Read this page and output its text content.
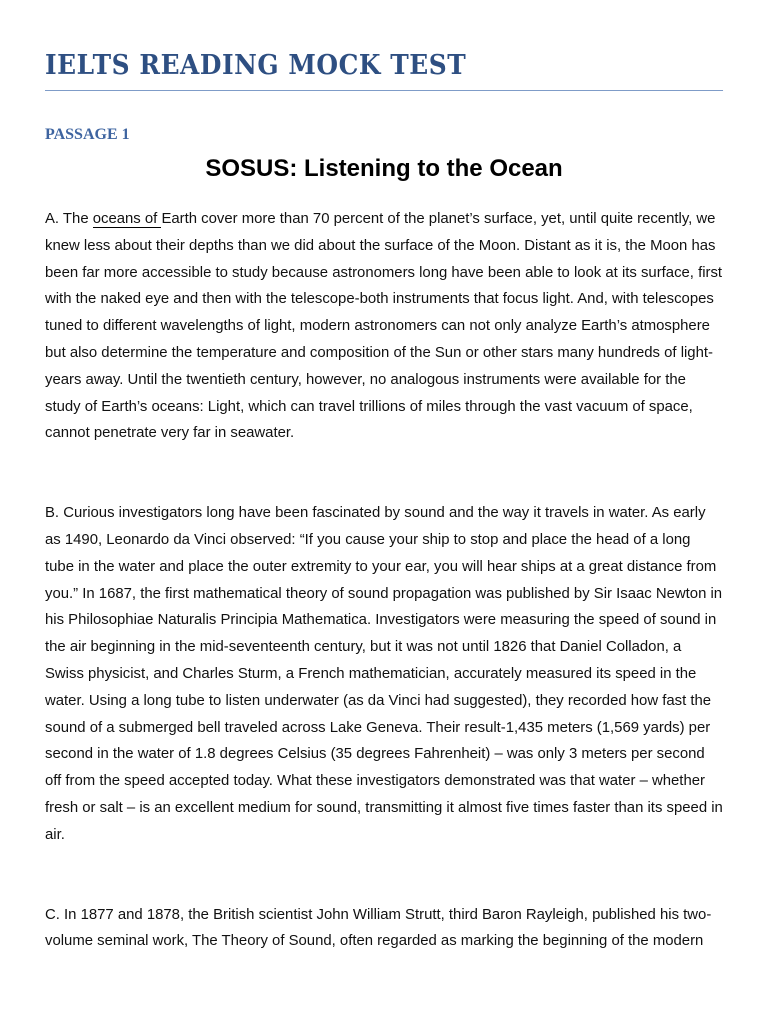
IELTS READING MOCK TEST
PASSAGE 1
SOSUS: Listening to the Ocean

A. The oceans of Earth cover more than 70 percent of the planet’s surface, yet, until quite recently, we knew less about their depths than we did about the surface of the Moon. Distant as it is, the Moon has been far more accessible to study because astronomers long have been able to look at its surface, first with the naked eye and then with the telescope-both instruments that focus light. And, with telescopes tuned to different wavelengths of light, modern astronomers can not only analyze Earth’s atmosphere but also determine the temperature and composition of the Sun or other stars many hundreds of light-years away. Until the twentieth century, however, no analogous instruments were available for the study of Earth’s oceans: Light, which can travel trillions of miles through the vast vacuum of space, cannot penetrate very far in seawater.

B. Curious investigators long have been fascinated by sound and the way it travels in water. As early as 1490, Leonardo da Vinci observed: “If you cause your ship to stop and place the head of a long tube in the water and place the outer extremity to your ear, you will hear ships at a great distance from you.” In 1687, the first mathematical theory of sound propagation was published by Sir Isaac Newton in his Philosophiae Naturalis Principia Mathematica. Investigators were measuring the speed of sound in the air beginning in the mid-seventeenth century, but it was not until 1826 that Daniel Colladon, a Swiss physicist, and Charles Sturm, a French mathematician, accurately measured its speed in the water. Using a long tube to listen underwater (as da Vinci had suggested), they recorded how fast the sound of a submerged bell traveled across Lake Geneva. Their result-1,435 meters (1,569 yards) per second in the water of 1.8 degrees Celsius (35 degrees Fahrenheit) – was only 3 meters per second off from the speed accepted today. What these investigators demonstrated was that water – whether fresh or salt – is an excellent medium for sound, transmitting it almost five times faster than its speed in air.

C. In 1877 and 1878, the British scientist John William Strutt, third Baron Rayleigh, published his two-volume seminal work, The Theory of Sound, often regarded as marking the beginning of the modern
